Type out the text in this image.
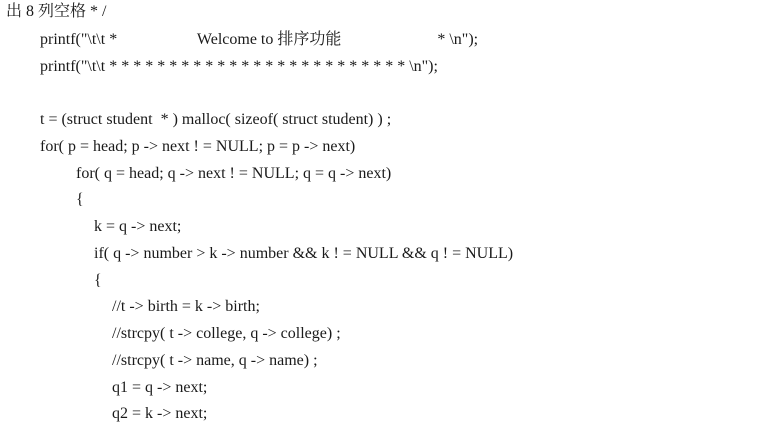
出 8 列空格 * /
printf("\t\t *                    Welcome to 排序功能                        * \n");
printf("\t\t * * * * * * * * * * * * * * * * * * * * * * * * * \n");
t = (struct student  * ) malloc( sizeof( struct student) ) ;
for( p = head; p -> next ! = NULL; p = p -> next)
for( q = head; q -> next ! = NULL; q = q -> next)
{
k = q -> next;
if( q -> number > k -> number && k ! = NULL && q ! = NULL)
{
//t -> birth = k -> birth;
//strcpy( t -> college, q -> college) ;
//strcpy( t -> name, q -> name) ;
q1 = q -> next;
q2 = k -> next;
